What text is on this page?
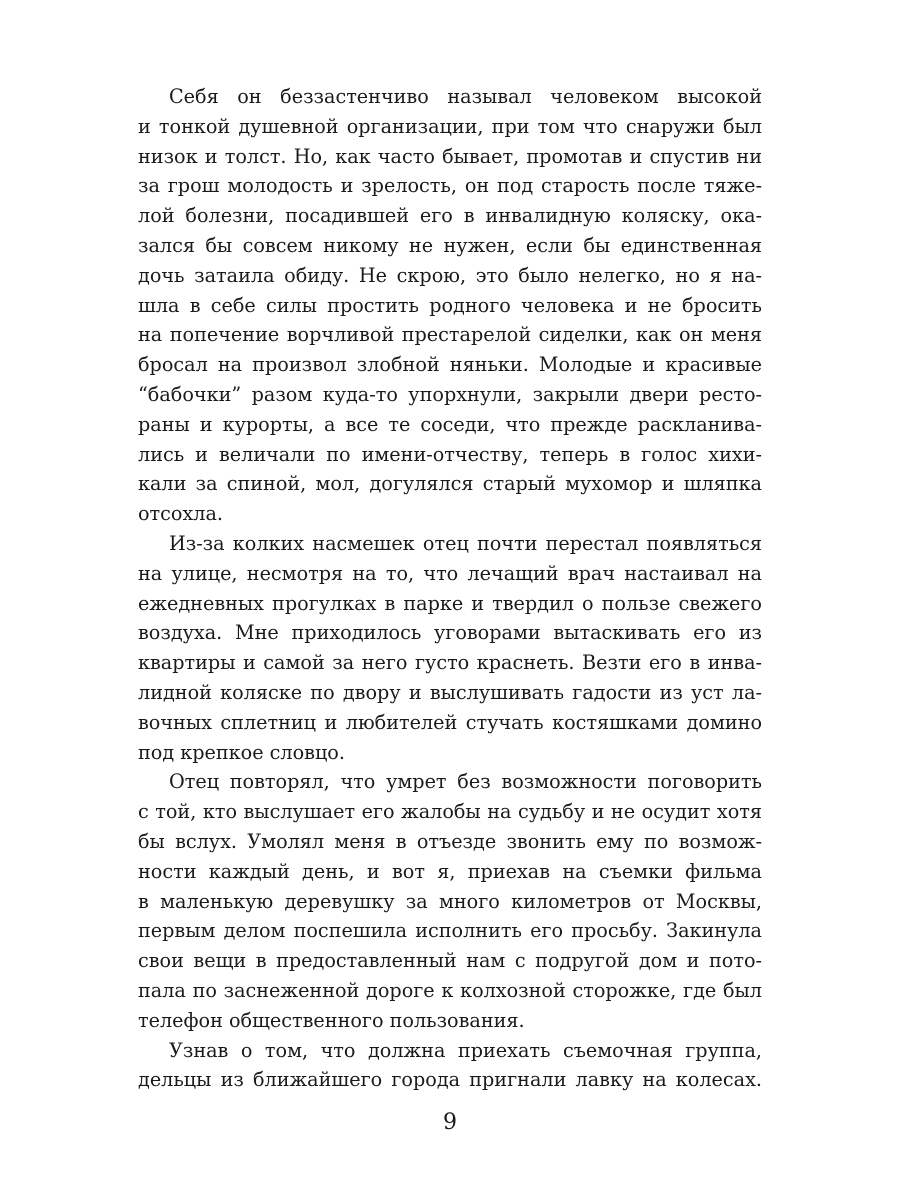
Себя он беззастенчиво называл человеком высокой
и тонкой душевной организации, при том что снаружи был
низок и толст. Но, как часто бывает, промотав и спустив ни
за грош молодость и зрелость, он под старость после тяже-
лой болезни, посадившей его в инвалидную коляску, ока-
зался бы совсем никому не нужен, если бы единственная
дочь затаила обиду. Не скрою, это было нелегко, но я на-
шла в себе силы простить родного человека и не бросить
на попечение ворчливой престарелой сиделки, как он меня
бросал на произвол злобной няньки. Молодые и красивые
“бабочки” разом куда-то упорхнули, закрыли двери ресто-
раны и курорты, а все те соседи, что прежде раскланива-
лись и величали по имени-отчеству, теперь в голос хихи-
кали за спиной, мол, догулялся старый мухомор и шляпка
отсохла.
Из-за колких насмешек отец почти перестал появляться
на улице, несмотря на то, что лечащий врач настаивал на
ежедневных прогулках в парке и твердил о пользе свежего
воздуха. Мне приходилось уговорами вытаскивать его из
квартиры и самой за него густо краснеть. Везти его в инва-
лидной коляске по двору и выслушивать гадости из уст ла-
вочных сплетниц и любителей стучать костяшками домино
под крепкое словцо.
Отец повторял, что умрет без возможности поговорить
с той, кто выслушает его жалобы на судьбу и не осудит хотя
бы вслух. Умолял меня в отъезде звонить ему по возмож-
ности каждый день, и вот я, приехав на съемки фильма
в маленькую деревушку за много километров от Москвы,
первым делом поспешила исполнить его просьбу. Закинула
свои вещи в предоставленный нам с подругой дом и пото-
пала по заснеженной дороге к колхозной сторожке, где был
телефон общественного пользования.
Узнав о том, что должна приехать съемочная группа,
дельцы из ближайшего города пригнали лавку на колесах.
9
